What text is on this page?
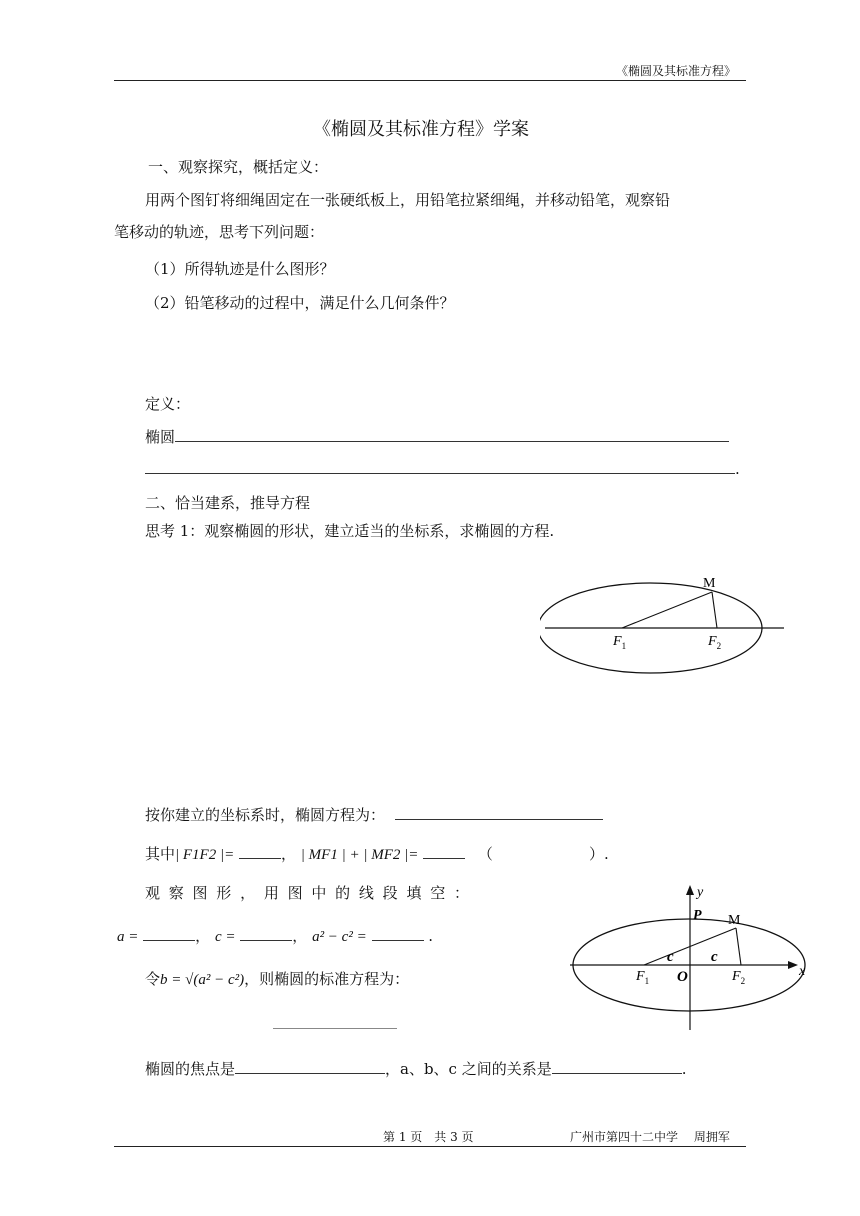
《椭圆及其标准方程》
《椭圆及其标准方程》学案
一、观察探究，概括定义：
用两个图钉将细绳固定在一张硬纸板上，用铅笔拉紧细绳，并移动铅笔，观察铅
笔移动的轨迹，思考下列问题：
（1）所得轨迹是什么图形？
（2）铅笔移动的过程中，满足什么几何条件？
定义：
椭圆
.
二、恰当建系，推导方程
思考 1：观察椭圆的形状，建立适当的坐标系，求椭圆的方程.
M
$F_1$	$F_2$
按你建立的坐标系时，椭圆方程为：
其中| F1F2 |=	， | MF1 | + | MF2 |=	（	）.
观 察 图 形 ， 用 图 中 的 线 段 填 空 ：
a =	， c =	， a² − c² =	.
令b = √(a² − c²)，则椭圆的标准方程为：
y
x
P M
c c
O
$F_1$	$F_2$
椭圆的焦点是	，a、b、c 之间的关系是	.
第 1 页　共 3 页	广州市第四十二中学　 周拥军
